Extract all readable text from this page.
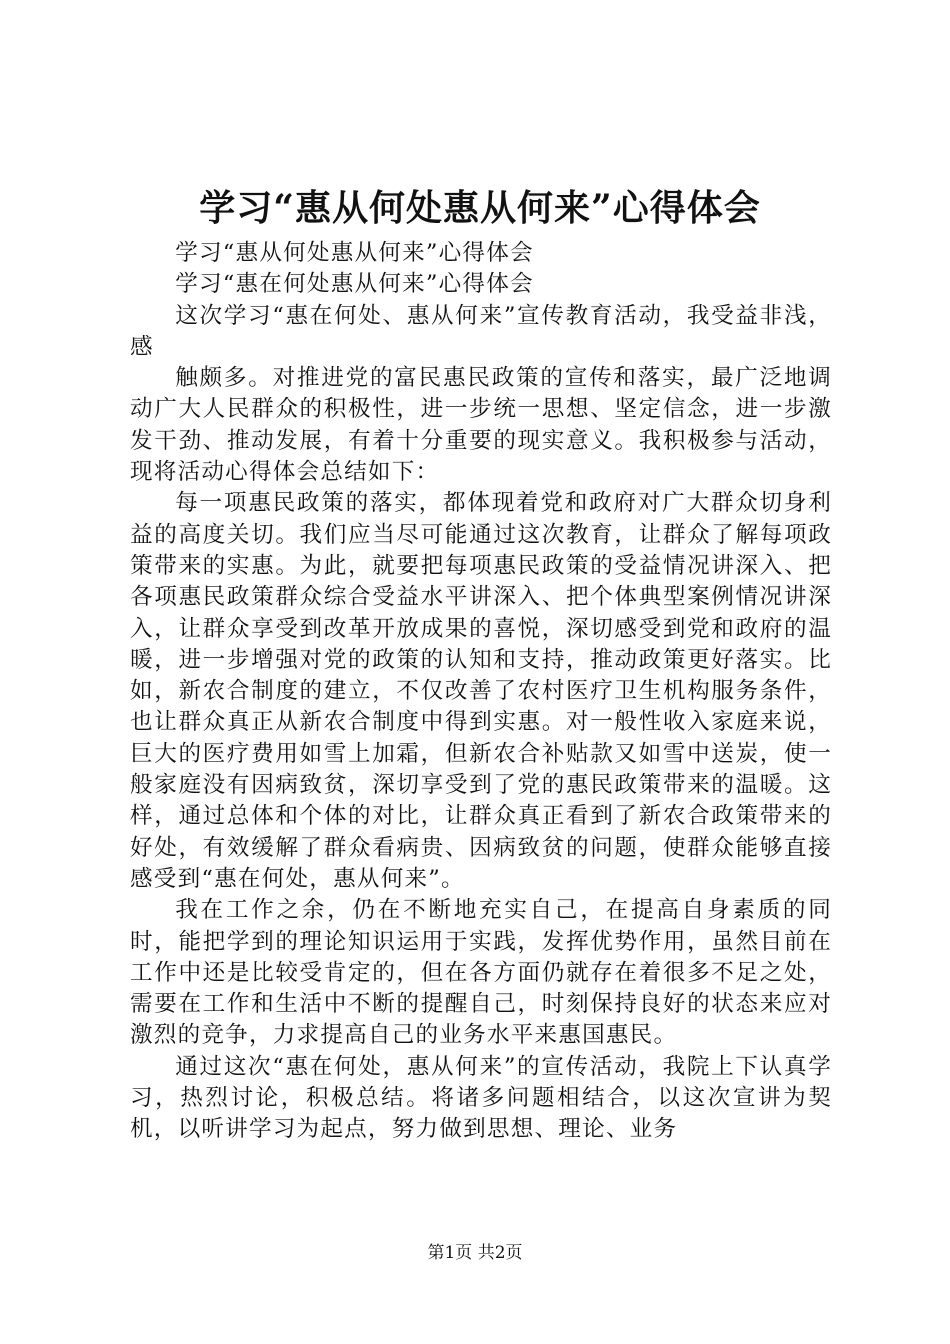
学习“惠从何处惠从何来”心得体会

学习“惠从何处惠从何来”心得体会

学习“惠在何处惠从何来”心得体会

这次学习“惠在何处、惠从何来”宣传教育活动，我受益非浅，感

触颇多。对推进党的富民惠民政策的宣传和落实，最广泛地调动广大人民群众的积极性，进一步统一思想、坚定信念，进一步激发干劲、推动发展，有着十分重要的现实意义。我积极参与活动，现将活动心得体会总结如下：

每一项惠民政策的落实，都体现着党和政府对广大群众切身利益的高度关切。我们应当尽可能通过这次教育，让群众了解每项政策带来的实惠。为此，就要把每项惠民政策的受益情况讲深入、把各项惠民政策群众综合受益水平讲深入、把个体典型案例情况讲深入，让群众享受到改革开放成果的喜悦，深切感受到党和政府的温暖，进一步增强对党的政策的认知和支持，推动政策更好落实。比如，新农合制度的建立，不仅改善了农村医疗卫生机构服务条件，也让群众真正从新农合制度中得到实惠。对一般性收入家庭来说，巨大的医疗费用如雪上加霜，但新农合补贴款又如雪中送炭，使一般家庭没有因病致贫，深切享受到了党的惠民政策带来的温暖。这样，通过总体和个体的对比，让群众真正看到了新农合政策带来的好处，有效缓解了群众看病贵、因病致贫的问题，使群众能够直接感受到“惠在何处，惠从何来”。

我在工作之余，仍在不断地充实自己，在提高自身素质的同时，能把学到的理论知识运用于实践，发挥优势作用，虽然目前在工作中还是比较受肯定的，但在各方面仍就存在着很多不足之处，需要在工作和生活中不断的提醒自己，时刻保持良好的状态来应对激烈的竞争，力求提高自己的业务水平来惠国惠民。

通过这次“惠在何处，惠从何来”的宣传活动，我院上下认真学习，热烈讨论，积极总结。将诸多问题相结合，以这次宣讲为契机，以听讲学习为起点，努力做到思想、理论、业务

第1页 共2页
